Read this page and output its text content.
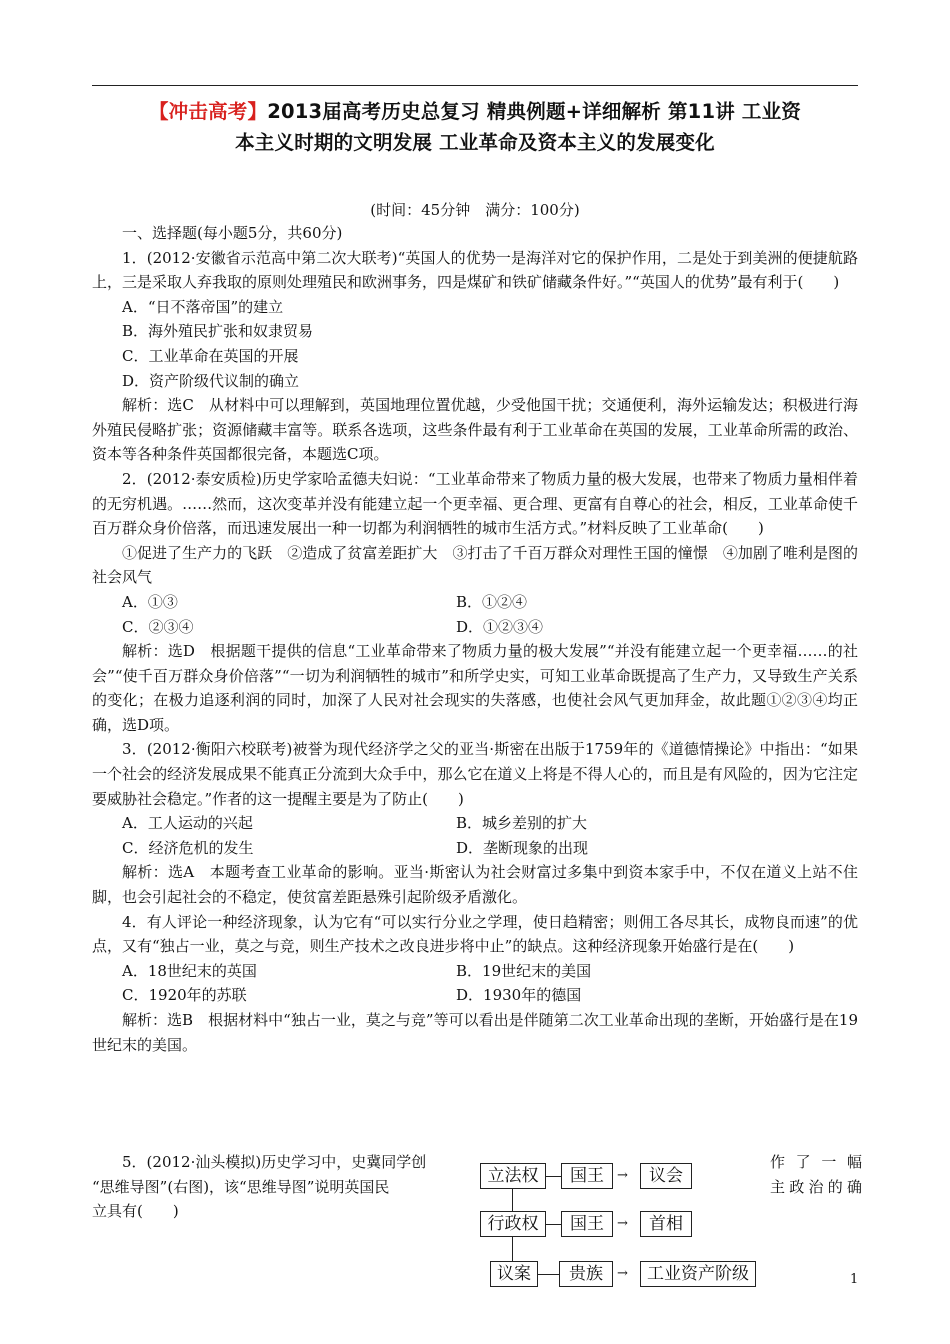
【冲击高考】2013届高考历史总复习 精典例题+详细解析 第11讲 工业资
本主义时期的文明发展 工业革命及资本主义的发展变化
(时间：45分钟　满分：100分)

一、选择题(每小题5分，共60分)

1．(2012·安徽省示范高中第二次大联考)“英国人的优势一是海洋对它的保护作用，二是处于到美洲的便捷航路上，三是采取人弃我取的原则处理殖民和欧洲事务，四是煤矿和铁矿储藏条件好。”“英国人的优势”最有利于(　　)

A．“日不落帝国”的建立

B．海外殖民扩张和奴隶贸易

C．工业革命在英国的开展

D．资产阶级代议制的确立

解析：选C　从材料中可以理解到，英国地理位置优越，少受他国干扰；交通便利，海外运输发达；积极进行海外殖民侵略扩张；资源储藏丰富等。联系各选项，这些条件最有利于工业革命在英国的发展，工业革命所需的政治、资本等各种条件英国都很完备，本题选C项。

2．(2012·泰安质检)历史学家哈孟德夫妇说：“工业革命带来了物质力量的极大发展，也带来了物质力量相伴着的无穷机遇。……然而，这次变革并没有能建立起一个更幸福、更合理、更富有自尊心的社会，相反，工业革命使千百万群众身价倍落，而迅速发展出一种一切都为利润牺牲的城市生活方式。”材料反映了工业革命(　　)

①促进了生产力的飞跃　②造成了贫富差距扩大　③打击了千百万群众对理性王国的憧憬　④加剧了唯利是图的社会风气

A．①③	B．①②④
C．②③④	D．①②③④

解析：选D　根据题干提供的信息“工业革命带来了物质力量的极大发展”“并没有能建立起一个更幸福……的社会”“使千百万群众身价倍落”“一切为利润牺牲的城市”和所学史实，可知工业革命既提高了生产力，又导致生产关系的变化；在极力追逐利润的同时，加深了人民对社会现实的失落感，也使社会风气更加拜金，故此题①②③④均正确，选D项。

3．(2012·衡阳六校联考)被誉为现代经济学之父的亚当·斯密在出版于1759年的《道德情操论》中指出：“如果一个社会的经济发展成果不能真正分流到大众手中，那么它在道义上将是不得人心的，而且是有风险的，因为它注定要威胁社会稳定。”作者的这一提醒主要是为了防止(　　)

A．工人运动的兴起	B．城乡差别的扩大
C．经济危机的发生	D．垄断现象的出现

解析：选A　本题考查工业革命的影响。亚当·斯密认为社会财富过多集中到资本家手中，不仅在道义上站不住脚，也会引起社会的不稳定，使贫富差距悬殊引起阶级矛盾激化。

4．有人评论一种经济现象，认为它有“可以实行分业之学理，使日趋精密；则佣工各尽其长，成物良而速”的优点，又有“独占一业，莫之与竞，则生产技术之改良进步将中止”的缺点。这种经济现象开始盛行是在(　　)

A．18世纪末的英国	B．19世纪末的美国
C．1920年的苏联	D．1930年的德国

解析：选B　根据材料中“独占一业，莫之与竞”等可以看出是伴随第二次工业革命出现的垄断，开始盛行是在19世纪末的美国。

5．(2012·汕头模拟)历史学习中，史冀同学创
“思维导图”(右图)，该“思维导图”说明英国民
立具有(　　)
作了一幅
主政治的确
立法权	国王	→	议会
行政权	国王	→	首相
议案	贵族	→	工业资产阶级	1
